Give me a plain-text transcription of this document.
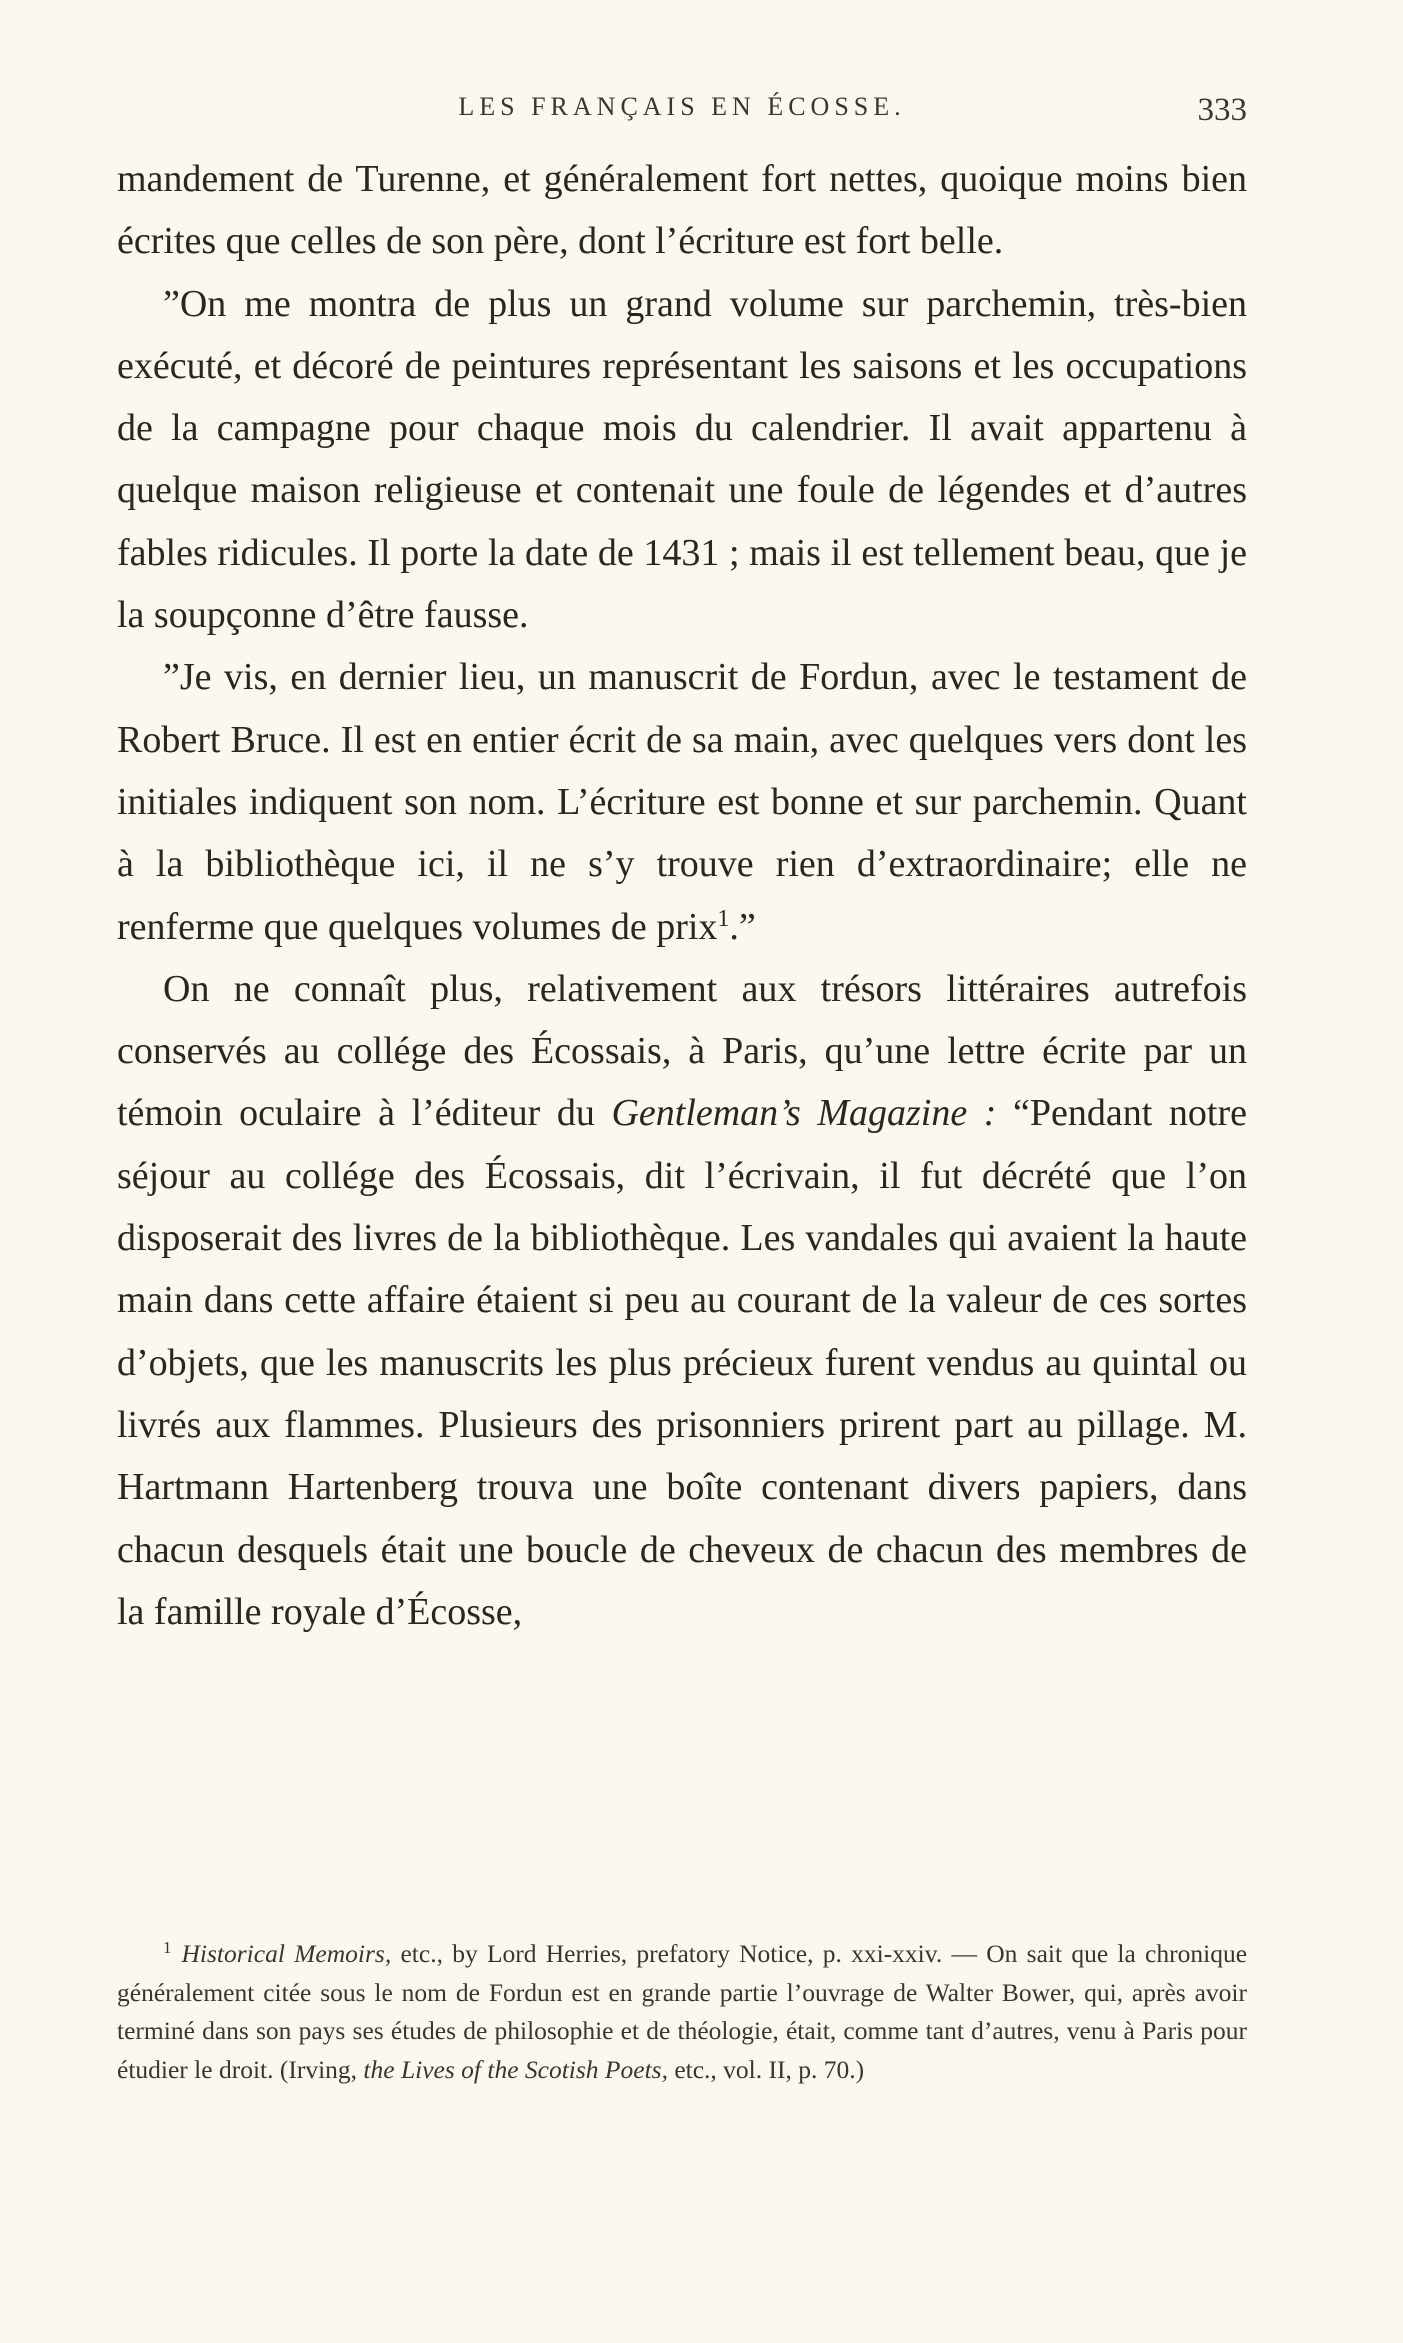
LES FRANÇAIS EN ÉCOSSE.	333

mandement de Turenne, et généralement fort nettes, quoique moins bien écrites que celles de son père, dont l’écriture est fort belle.

”On me montra de plus un grand volume sur parchemin, très-bien exécuté, et décoré de peintures représentant les saisons et les occupations de la campagne pour chaque mois du calendrier. Il avait appartenu à quelque maison religieuse et contenait une foule de légendes et d’autres fables ridicules. Il porte la date de 1431 ; mais il est tellement beau, que je la soupçonne d’être fausse.

”Je vis, en dernier lieu, un manuscrit de Fordun, avec le testament de Robert Bruce. Il est en entier écrit de sa main, avec quelques vers dont les initiales indiquent son nom. L’écriture est bonne et sur parchemin. Quant à la bibliothèque ici, il ne s’y trouve rien d’extraordinaire; elle ne renferme que quelques volumes de prix$^1$.”

On ne connaît plus, relativement aux trésors littéraires autrefois conservés au collége des Écossais, à Paris, qu’une lettre écrite par un témoin oculaire à l’éditeur du Gentleman’s Magazine : “Pendant notre séjour au collége des Écossais, dit l’écrivain, il fut décrété que l’on disposerait des livres de la bibliothèque. Les vandales qui avaient la haute main dans cette affaire étaient si peu au courant de la valeur de ces sortes d’objets, que les manuscrits les plus précieux furent vendus au quintal ou livrés aux flammes. Plusieurs des prisonniers prirent part au pillage. M. Hartmann Hartenberg trouva une boîte contenant divers papiers, dans chacun desquels était une boucle de cheveux de chacun des membres de la famille royale d’Écosse,

$^1$ Historical Memoirs, etc., by Lord Herries, prefatory Notice, p. xxi-xxiv. — On sait que la chronique généralement citée sous le nom de Fordun est en grande partie l’ouvrage de Walter Bower, qui, après avoir terminé dans son pays ses études de philosophie et de théologie, était, comme tant d’autres, venu à Paris pour étudier le droit. (Irving, the Lives of the Scotish Poets, etc., vol. II, p. 70.)
